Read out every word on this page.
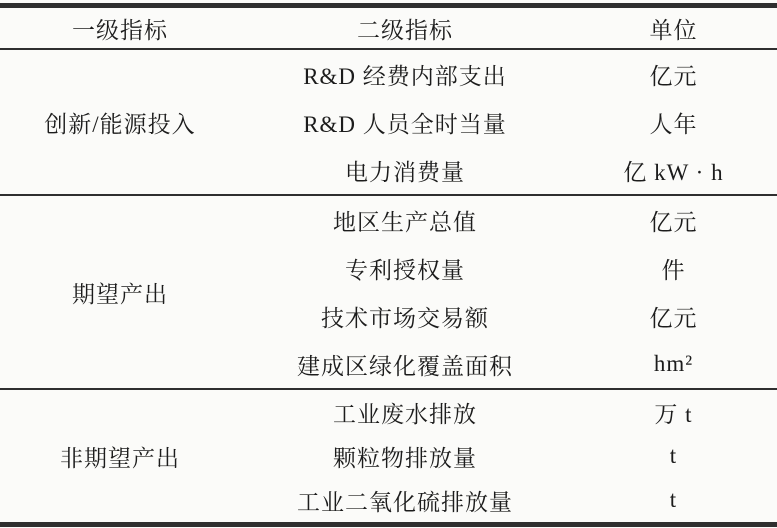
一级指标	二级指标	单位
创新/能源投入
R&D 经费内部支出	亿元
R&D 人员全时当量	人年
电力消费量	亿 kW · h
期望产出
地区生产总值	亿元
专利授权量	件
技术市场交易额	亿元
建成区绿化覆盖面积	hm²
非期望产出
工业废水排放	万 t
颗粒物排放量	t
工业二氧化硫排放量	t
